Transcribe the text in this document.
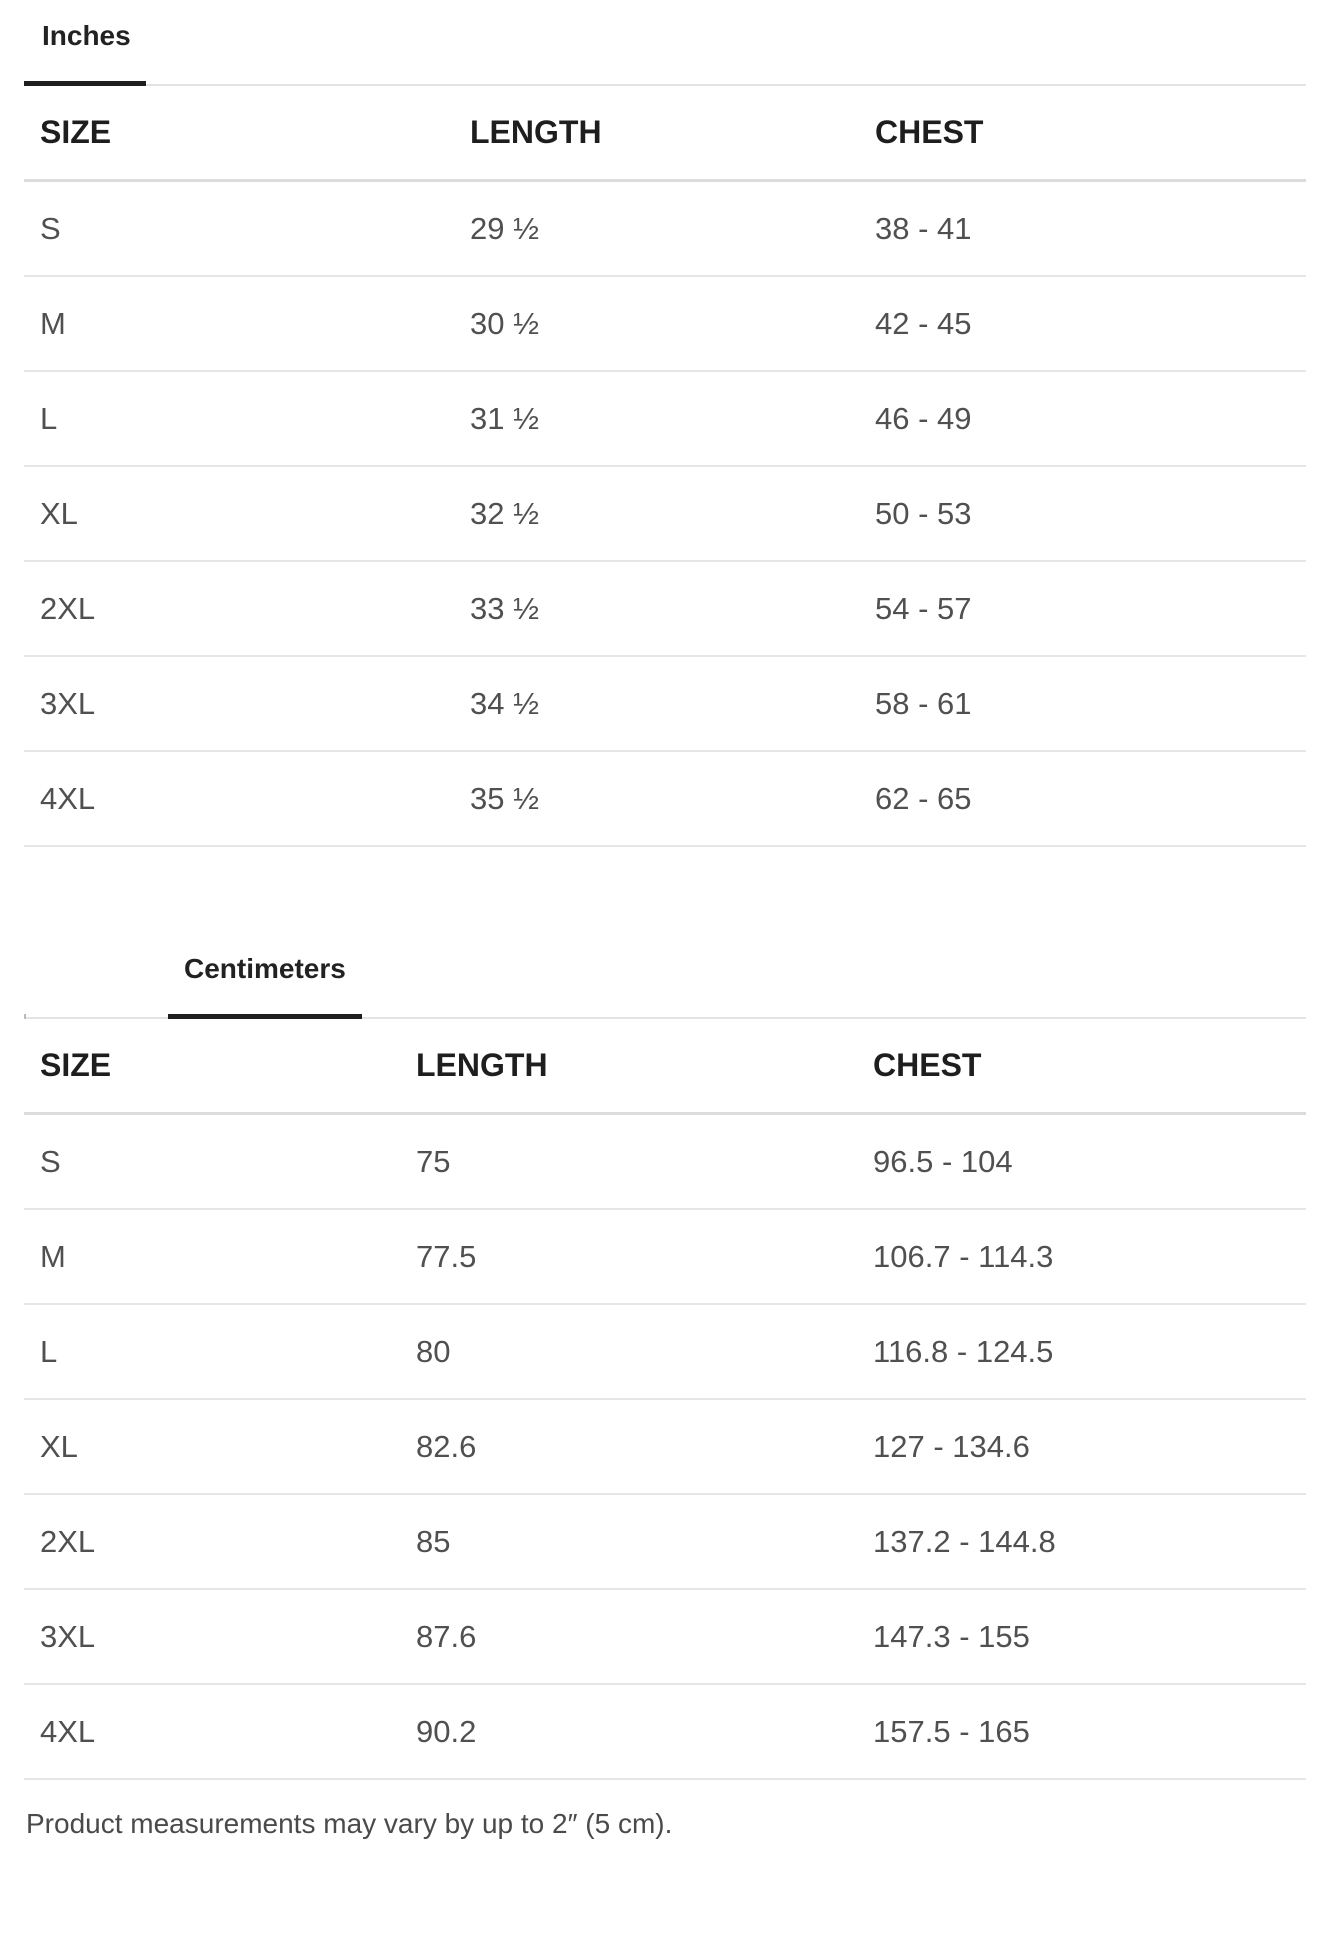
Inches
SIZE	LENGTH	CHEST
S	29 ½	38 - 41
M	30 ½	42 - 45
L	31 ½	46 - 49
XL	32 ½	50 - 53
2XL	33 ½	54 - 57
3XL	34 ½	58 - 61
4XL	35 ½	62 - 65
Centimeters
SIZE	LENGTH	CHEST
S	75	96.5 - 104
M	77.5	106.7 - 114.3
L	80	116.8 - 124.5
XL	82.6	127 - 134.6
2XL	85	137.2 - 144.8
3XL	87.6	147.3 - 155
4XL	90.2	157.5 - 165
Product measurements may vary by up to 2″ (5 cm).
